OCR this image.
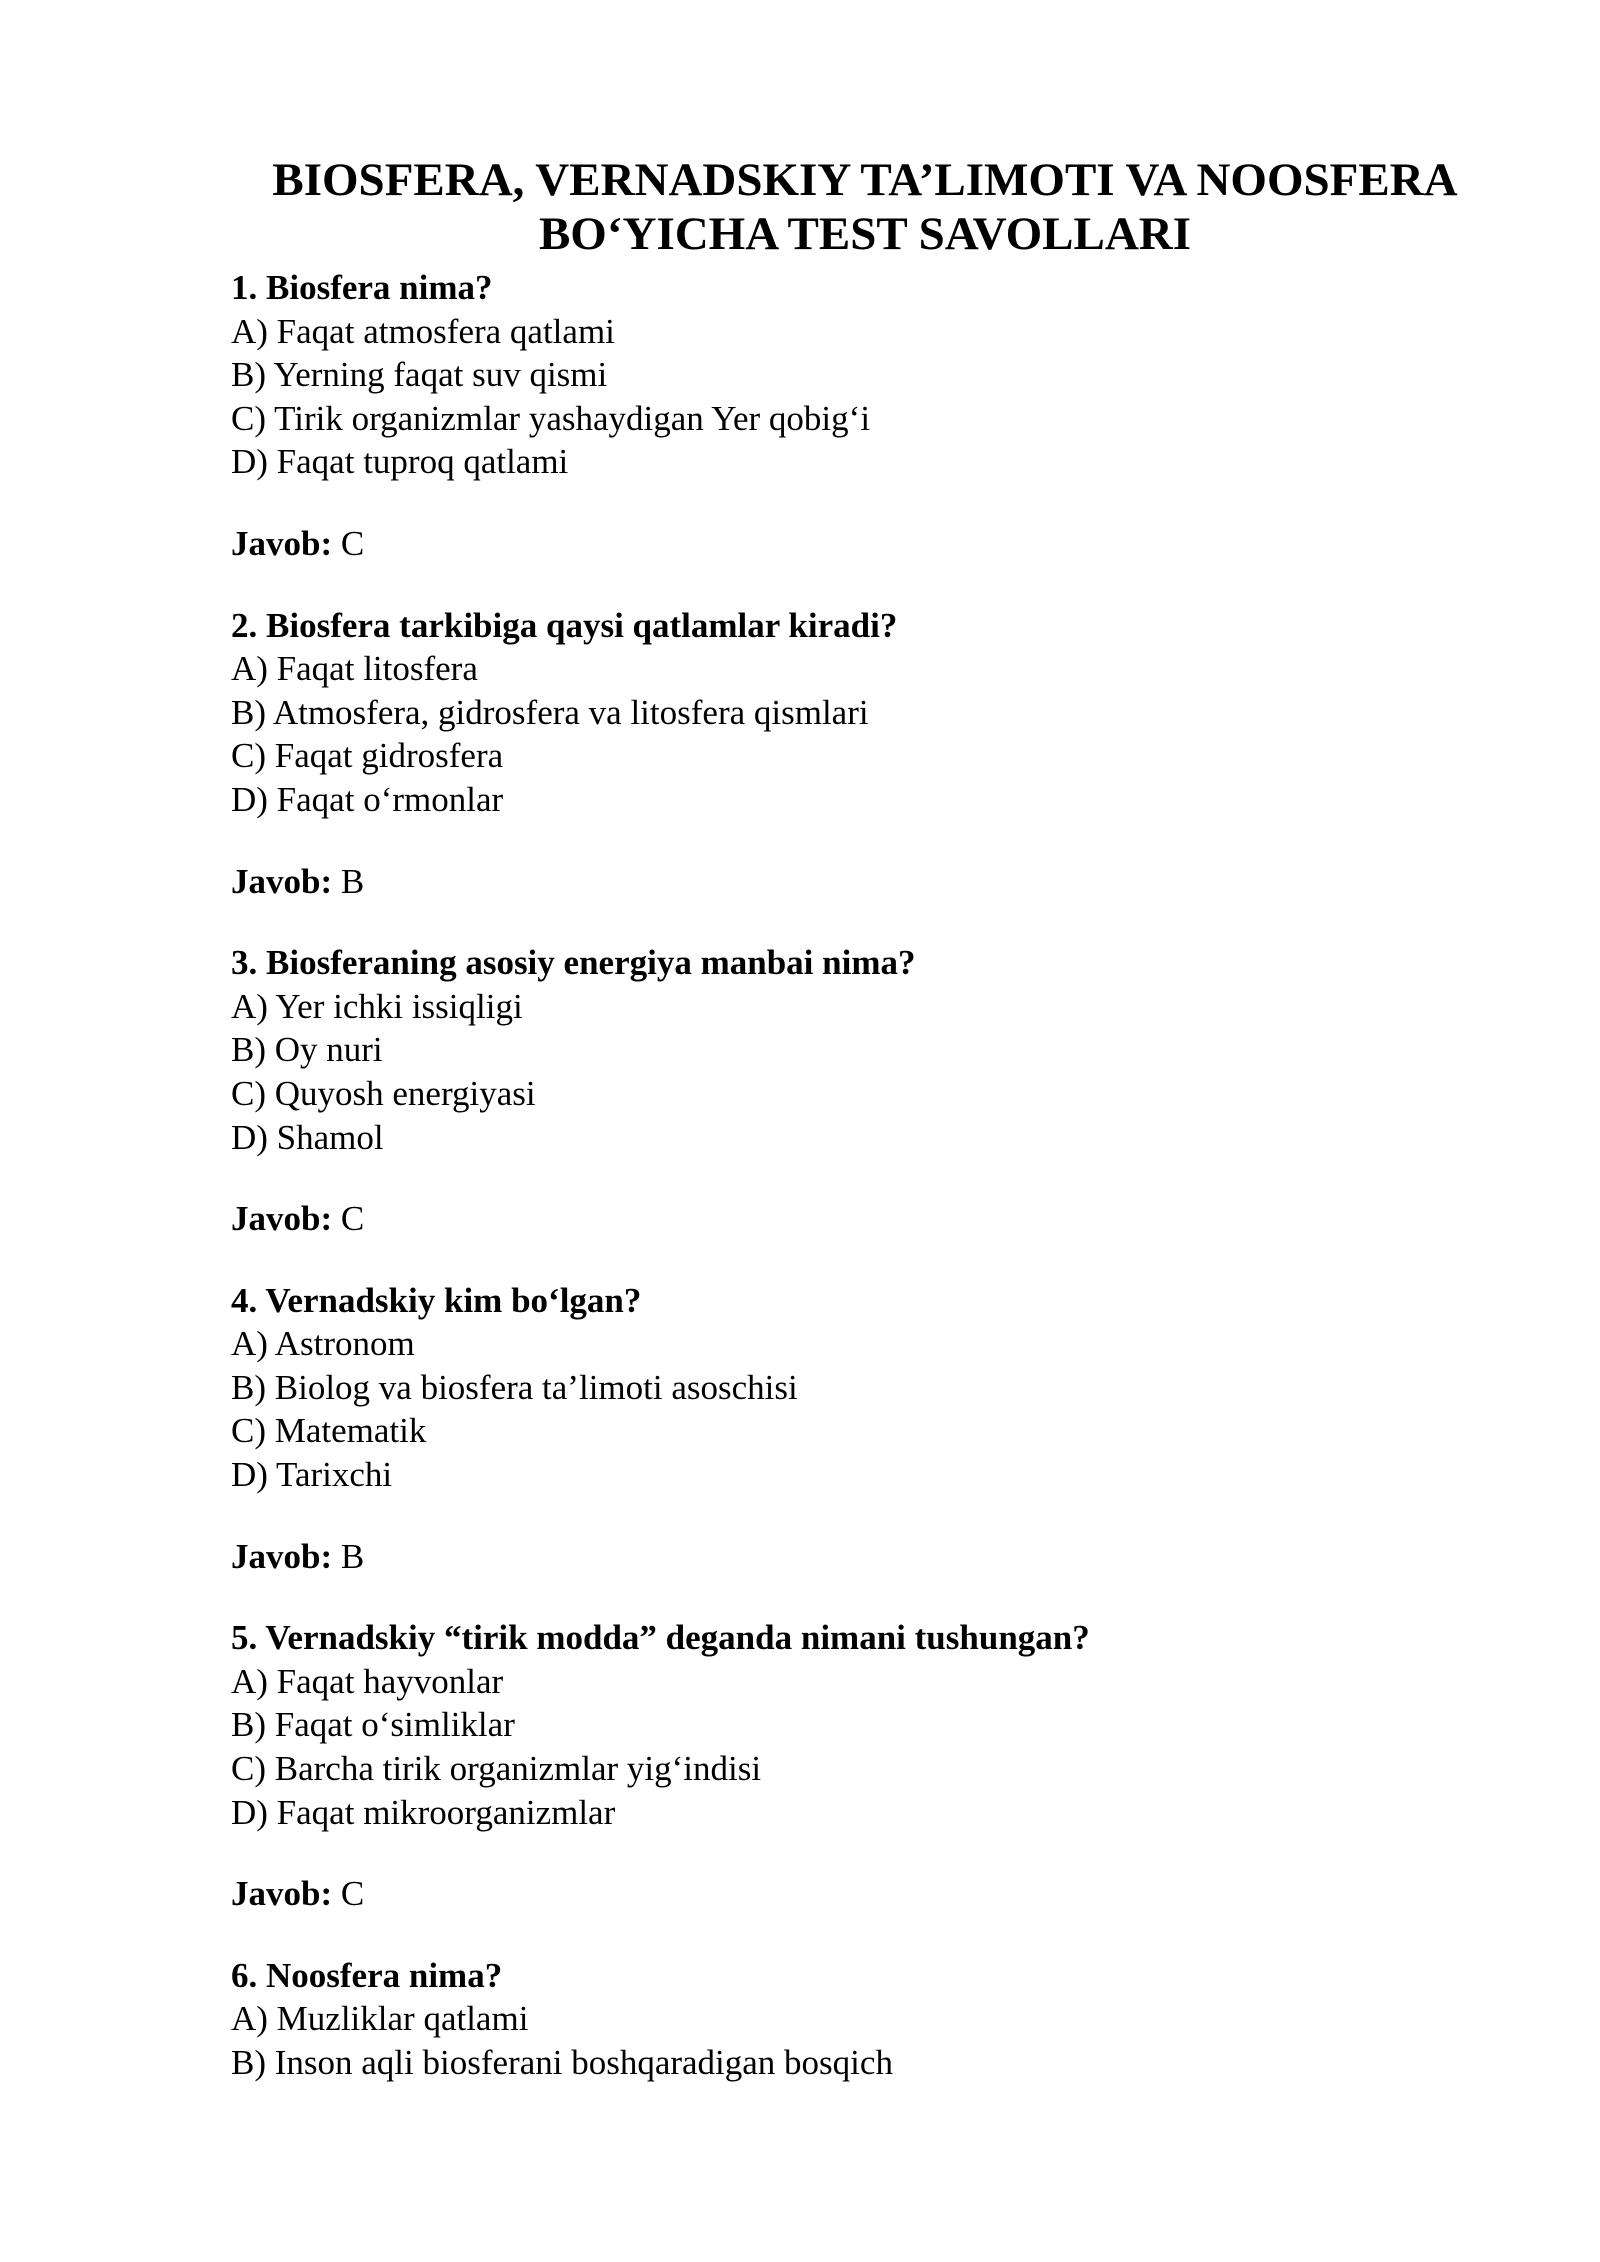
BIOSFERA, VERNADSKIY TA’LIMOTI VA NOOSFERA
BO‘YICHA TEST SAVOLLARI
1. Biosfera nima?
A) Faqat atmosfera qatlami
B) Yerning faqat suv qismi
C) Tirik organizmlar yashaydigan Yer qobig‘i
D) Faqat tuproq qatlami
Javob: C
2. Biosfera tarkibiga qaysi qatlamlar kiradi?
A) Faqat litosfera
B) Atmosfera, gidrosfera va litosfera qismlari
C) Faqat gidrosfera
D) Faqat o‘rmonlar
Javob: B
3. Biosferaning asosiy energiya manbai nima?
A) Yer ichki issiqligi
B) Oy nuri
C) Quyosh energiyasi
D) Shamol
Javob: C
4. Vernadskiy kim bo‘lgan?
A) Astronom
B) Biolog va biosfera ta’limoti asoschisi
C) Matematik
D) Tarixchi
Javob: B
5. Vernadskiy “tirik modda” deganda nimani tushungan?
A) Faqat hayvonlar
B) Faqat o‘simliklar
C) Barcha tirik organizmlar yig‘indisi
D) Faqat mikroorganizmlar
Javob: C
6. Noosfera nima?
A) Muzliklar qatlami
B) Inson aqli biosferani boshqaradigan bosqich
